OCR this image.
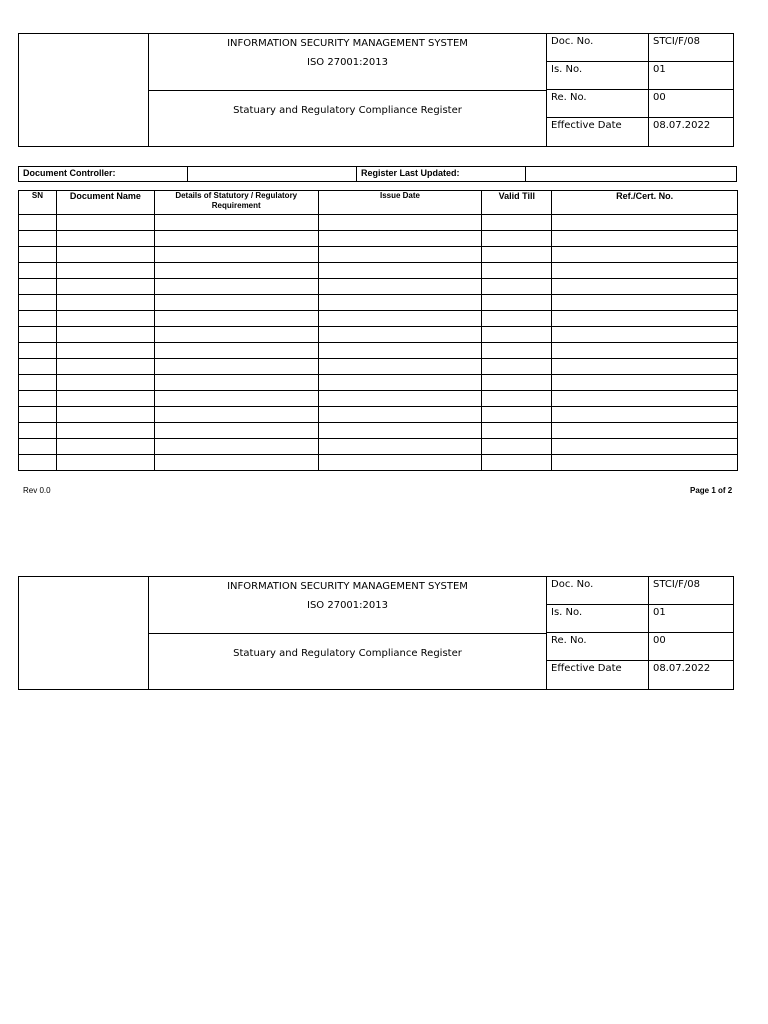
INFORMATION SECURITY MANAGEMENT SYSTEM
ISO 27001:2013
Statuary and Regulatory Compliance Register
Doc. No.	STCI/F/08
Is. No.	01
Re. No.	00
Effective Date	08.07.2022
Document Controller:	Register Last Updated:
SN	Document Name	Details of Statutory / Regulatory Requirement	Issue Date	Valid Till	Ref./Cert. No.

Rev 0.0	Page 1 of 2
INFORMATION SECURITY MANAGEMENT SYSTEM
ISO 27001:2013
Statuary and Regulatory Compliance Register
Doc. No.	STCI/F/08
Is. No.	01
Re. No.	00
Effective Date	08.07.2022
